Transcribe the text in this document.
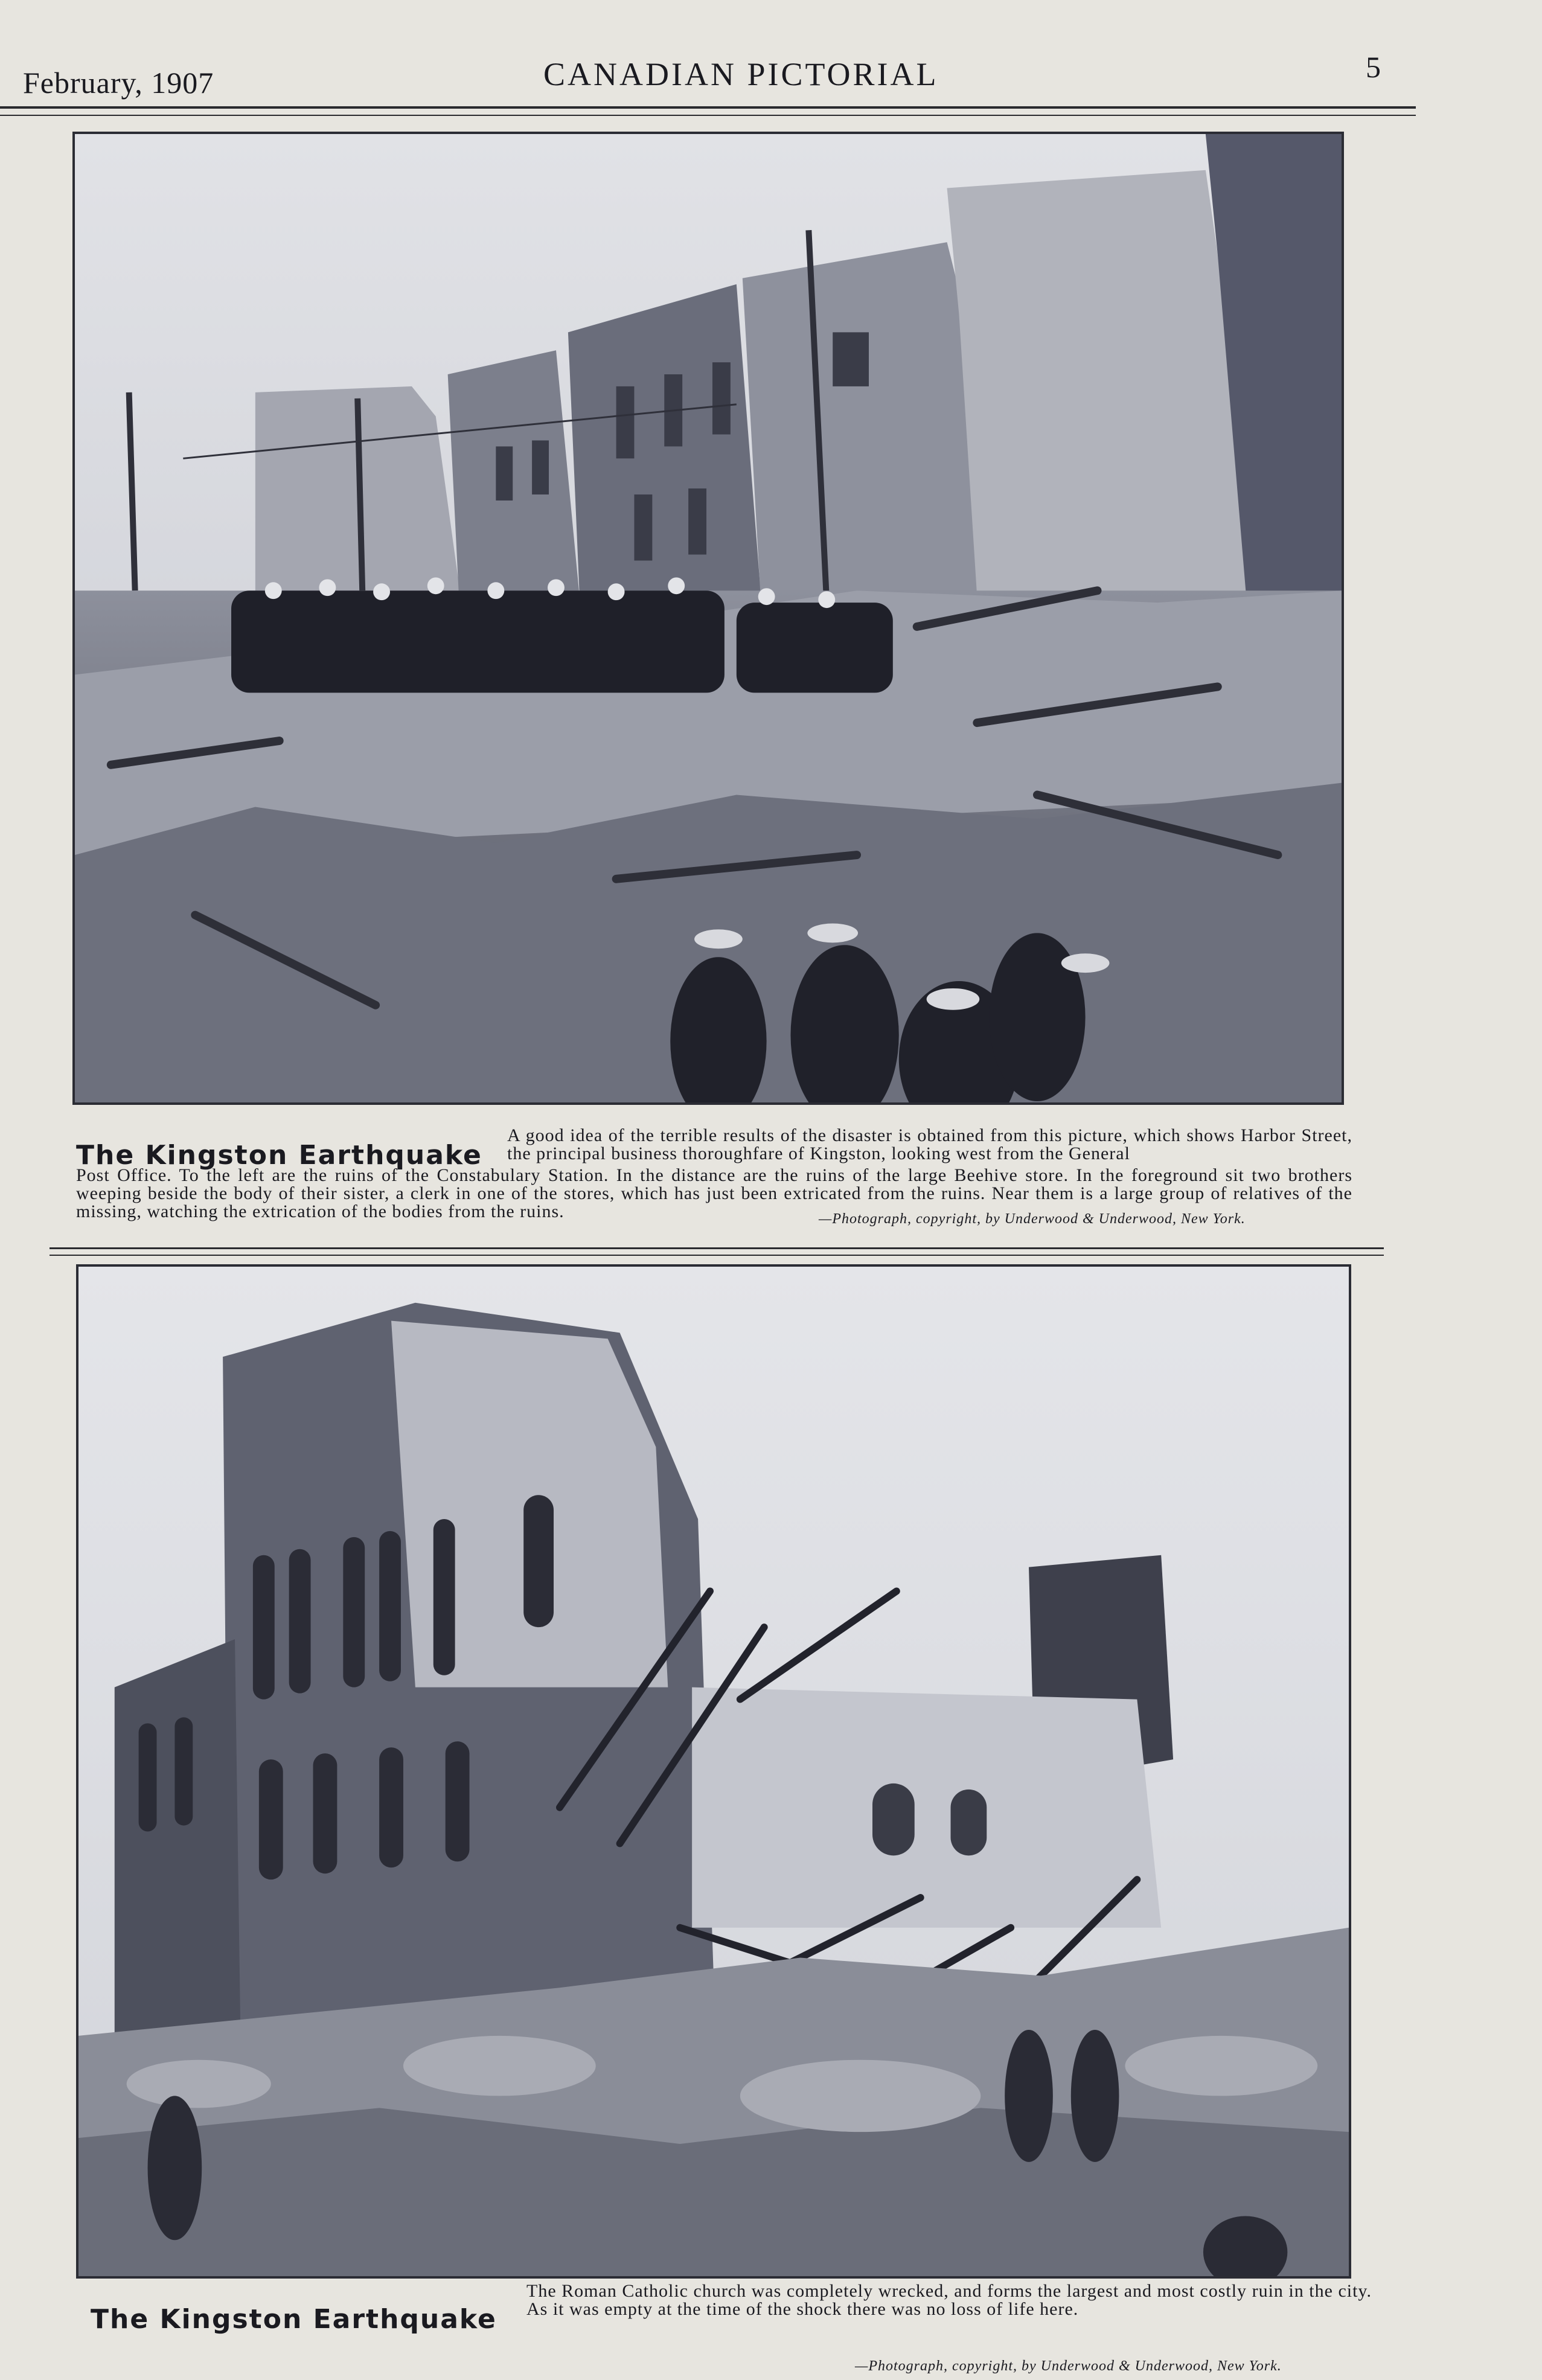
February, 1907	CANADIAN PICTORIAL	5
The Kingston Earthquake
A good idea of the terrible results of the disaster is obtained from this picture, which shows Harbor Street, the principal business thoroughfare of Kingston, looking west from the General
Post Office. To the left are the ruins of the Constabulary Station. In the distance are the ruins of the large Beehive store. In the foreground sit two brothers weeping beside the body of their sister, a clerk in one of the stores, which has just been extricated from the ruins. Near them is a large group of relatives of the missing, watching the extrication of the bodies from the ruins.	—Photograph, copyright, by Underwood & Underwood, New York.
The Kingston Earthquake
The Roman Catholic church was completely wrecked, and forms the largest and most costly ruin in the city. As it was empty at the time of the shock there was no loss of life here.
—Photograph, copyright, by Underwood & Underwood, New York.
